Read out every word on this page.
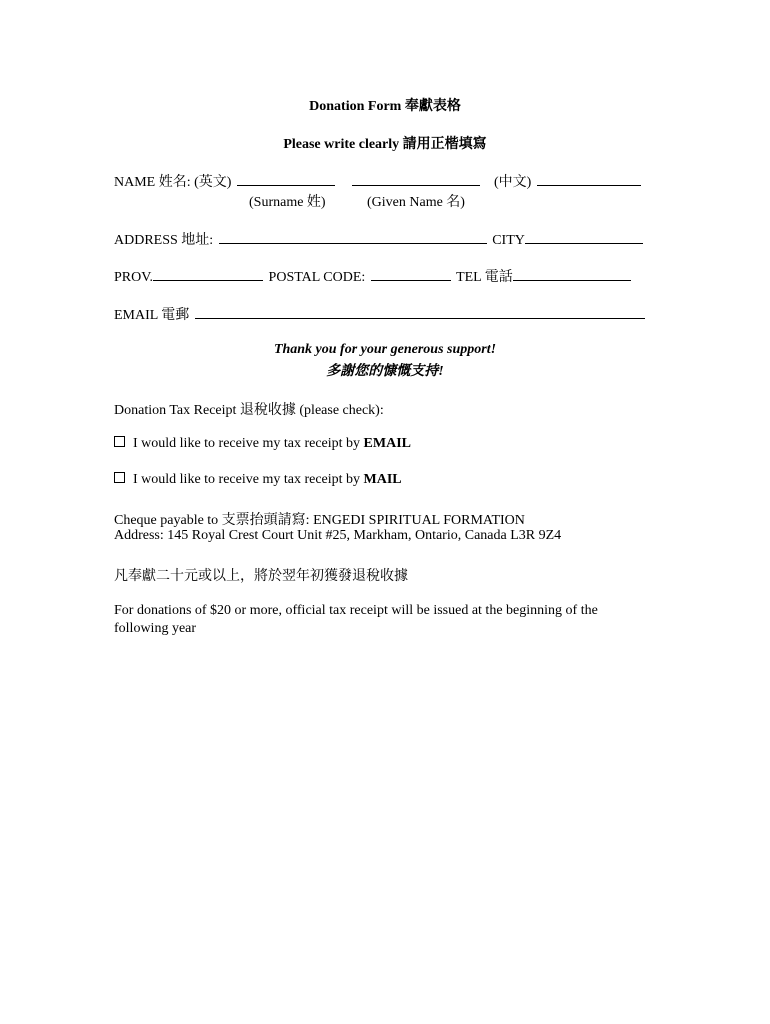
Donation Form 奉獻表格
Please write clearly 請用正楷填寫
NAME 姓名: (英文)	(中文)
(Surname 姓)	(Given Name 名)
ADDRESS 地址:	CITY
PROV.	POSTAL CODE:	TEL 電話
EMAIL 電郵
Thank you for your generous support!
多謝您的慷慨支持!
Donation Tax Receipt 退稅收據 (please check):
I would like to receive my tax receipt by EMAIL
I would like to receive my tax receipt by MAIL
Cheque payable to 支票抬頭請寫: ENGEDI SPIRITUAL FORMATION
Address: 145 Royal Crest Court Unit #25, Markham, Ontario, Canada L3R 9Z4
凡奉獻二十元或以上，將於翌年初獲發退稅收據
For donations of $20 or more, official tax receipt will be issued at the beginning of the
following year
